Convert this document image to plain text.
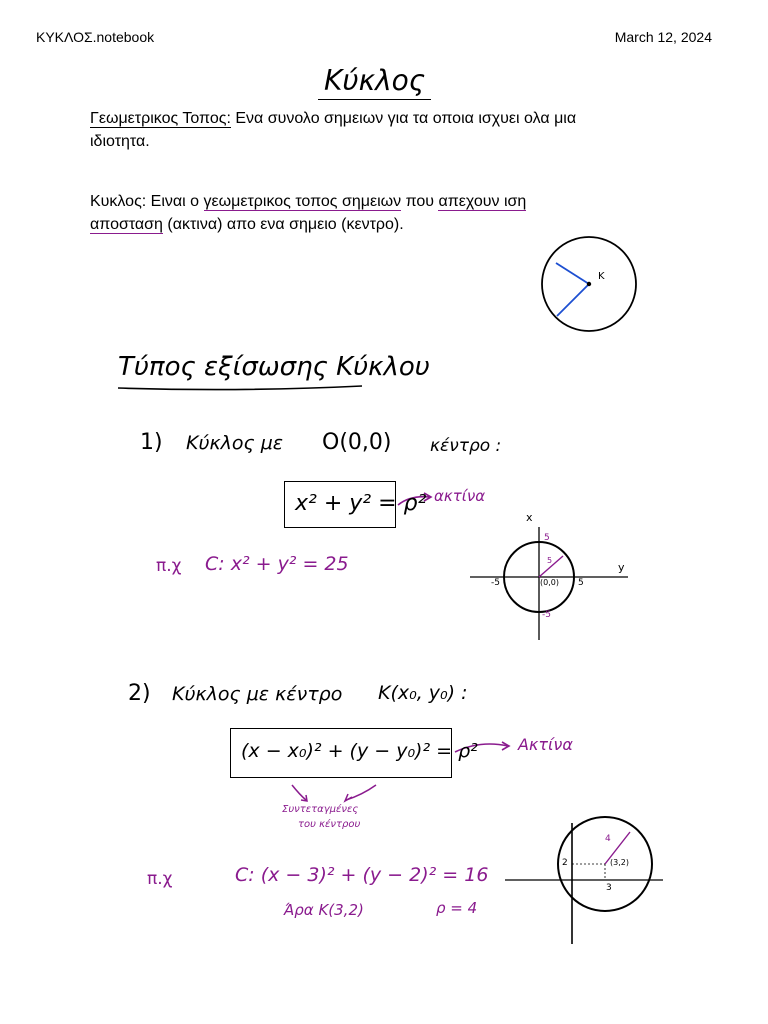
ΚΥΚΛΟΣ.notebook	March 12, 2024
Κύκλος
Γεωμετρικος Τοπος: Ενα συνολο σημειων για τα οποια ισχυει ολα μια
ιδιοτητα.
Κυκλος: Ειναι ο γεωμετρικος τοπος σημειων που απεχουν ιση
αποσταση (ακτινα) απο ενα σημειο (κεντρο).
K
Τύπος εξίσωσης Κύκλου
1) Κύκλος με O(0,0) κέντρο :
x² + y² = ρ² ακτίνα
π.χ C: x² + y² = 25
x
y
-5	5
5
-5
(0,0)
5
2) Κύκλος με κέντρο K(x₀, y₀) :
(x − x₀)² + (y − y₀)² = ρ²	Ακτίνα
Συντεταγμένες
του κέντρου
π.χ	C: (x − 3)² + (y − 2)² = 16
Άρα K(3,2)	ρ = 4
2
3
(3,2)
4
